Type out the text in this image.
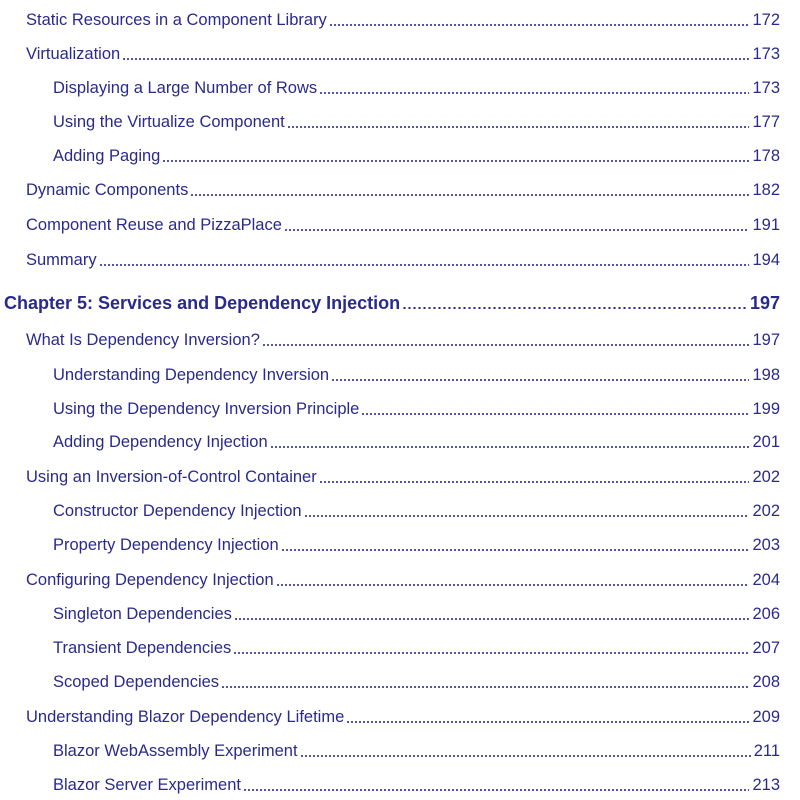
Static Resources in a Component Library	172
Virtualization	173
Displaying a Large Number of Rows	173
Using the Virtualize Component	177
Adding Paging	178
Dynamic Components	182
Component Reuse and PizzaPlace	191
Summary	194
Chapter 5: Services and Dependency Injection	197
What Is Dependency Inversion?	197
Understanding Dependency Inversion	198
Using the Dependency Inversion Principle	199
Adding Dependency Injection	201
Using an Inversion-of-Control Container	202
Constructor Dependency Injection	202
Property Dependency Injection	203
Configuring Dependency Injection	204
Singleton Dependencies	206
Transient Dependencies	207
Scoped Dependencies	208
Understanding Blazor Dependency Lifetime	209
Blazor WebAssembly Experiment	211
Blazor Server Experiment	213
